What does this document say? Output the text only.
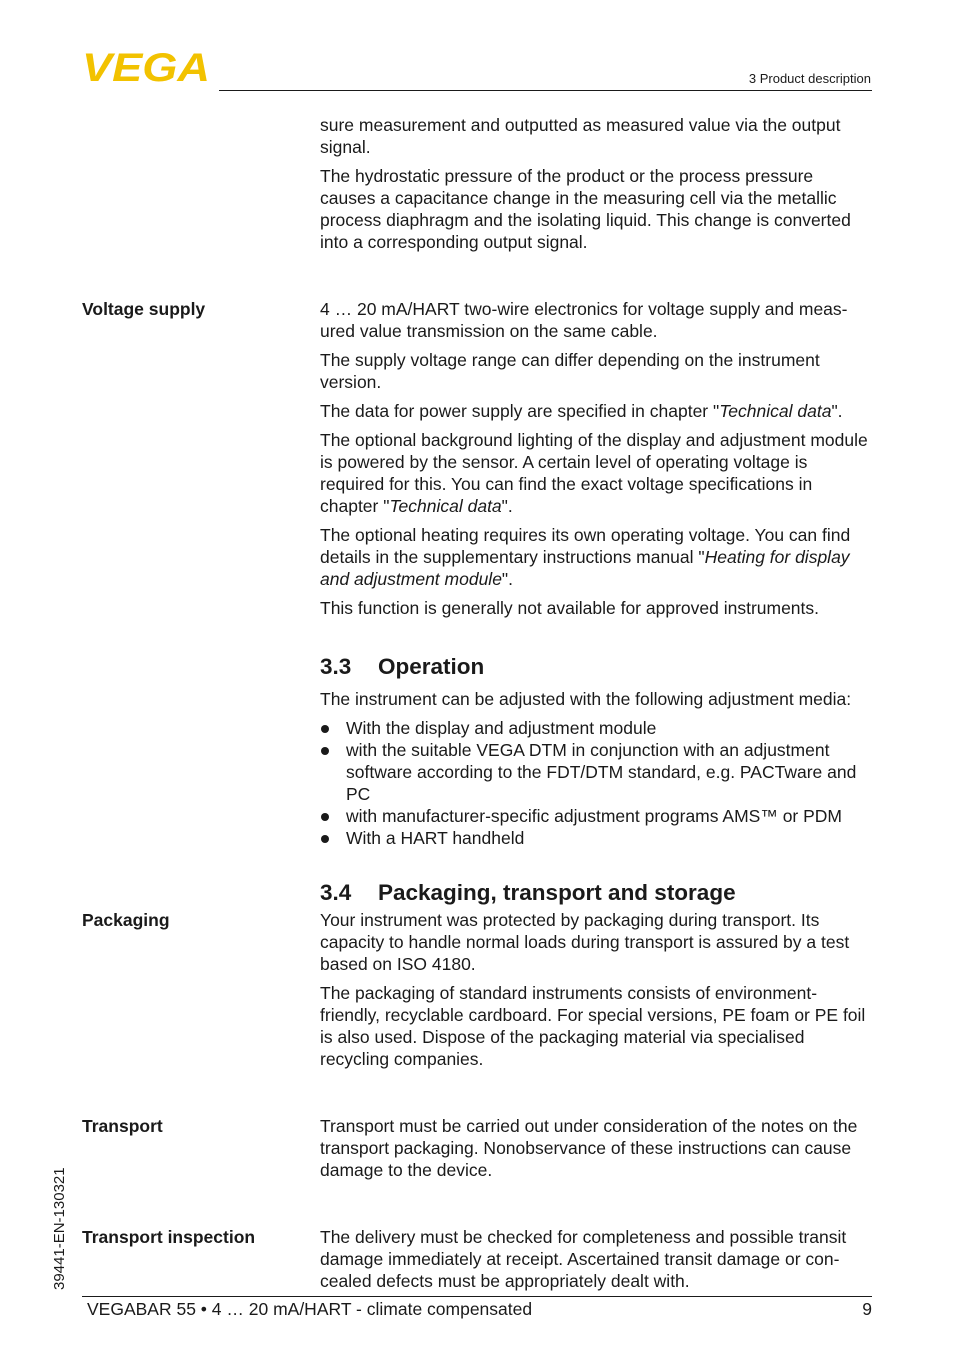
VEGA	3 Product description

sure measurement and outputted as measured value via the output signal.

The hydrostatic pressure of the product or the process pressure causes a capacitance change in the measuring cell via the metallic process diaphragm and the isolating liquid. This change is converted into a corresponding output signal.

Voltage supply	4 … 20 mA/HART two-wire electronics for voltage supply and meas-ured value transmission on the same cable.

The supply voltage range can differ depending on the instrument version.

The data for power supply are specified in chapter "Technical data".

The optional background lighting of the display and adjustment module is powered by the sensor. A certain level of operating voltage is required for this. You can find the exact voltage specifications in chapter "Technical data".

The optional heating requires its own operating voltage. You can find details in the supplementary instructions manual "Heating for display and adjustment module".

This function is generally not available for approved instruments.

3.3 Operation

The instrument can be adjusted with the following adjustment media:

With the display and adjustment module
with the suitable VEGA DTM in conjunction with an adjustment software according to the FDT/DTM standard, e.g. PACTware and PC
with manufacturer-specific adjustment programs AMS™ or PDM
With a HART handheld
3.4 Packaging, transport and storage
Packaging	Your instrument was protected by packaging during transport. Its capacity to handle normal loads during transport is assured by a test based on ISO 4180.

The packaging of standard instruments consists of environment-friendly, recyclable cardboard. For special versions, PE foam or PE foil is also used. Dispose of the packaging material via specialised recycling companies.

Transport	Transport must be carried out under consideration of the notes on the transport packaging. Nonobservance of these instructions can cause damage to the device.

Transport inspection	The delivery must be checked for completeness and possible transit damage immediately at receipt. Ascertained transit damage or con-cealed defects must be appropriately dealt with.

39441-EN-130321
VEGABAR 55 • 4 … 20 mA/HART - climate compensated	9
